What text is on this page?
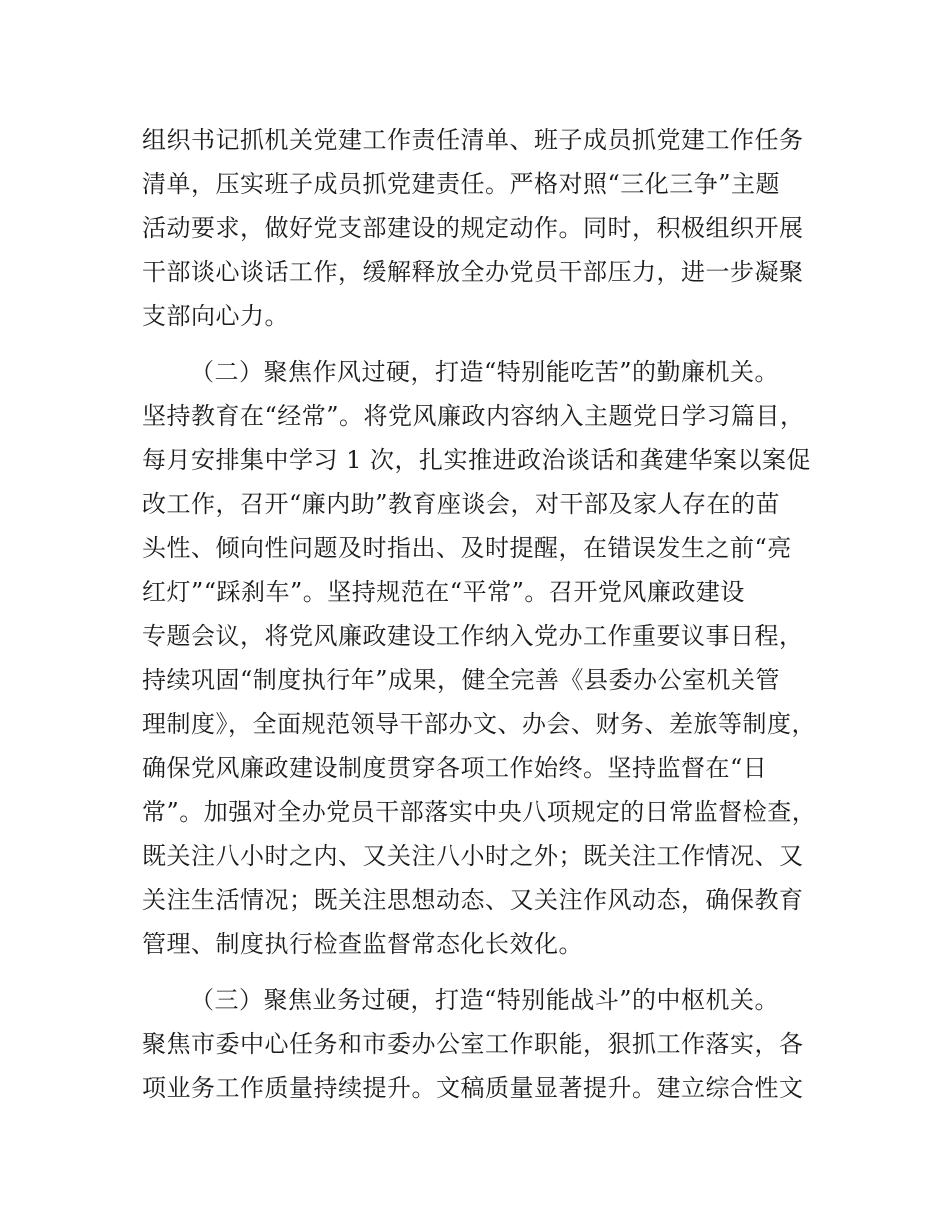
组织书记抓机关党建工作责任清单、班子成员抓党建工作任务
清单，压实班子成员抓党建责任。严格对照“三化三争”主题
活动要求，做好党支部建设的规定动作。同时，积极组织开展
干部谈心谈话工作，缓解释放全办党员干部压力，进一步凝聚
支部向心力。
（二）聚焦作风过硬，打造“特别能吃苦”的勤廉机关。
坚持教育在“经常”。将党风廉政内容纳入主题党日学习篇目，
每月安排集中学习 1 次，扎实推进政治谈话和龚建华案以案促
改工作，召开“廉内助”教育座谈会，对干部及家人存在的苗
头性、倾向性问题及时指出、及时提醒，在错误发生之前“亮
红灯”“踩刹车”。坚持规范在“平常”。召开党风廉政建设
专题会议，将党风廉政建设工作纳入党办工作重要议事日程，
持续巩固“制度执行年”成果，健全完善《县委办公室机关管
理制度》，全面规范领导干部办文、办会、财务、差旅等制度，
确保党风廉政建设制度贯穿各项工作始终。坚持监督在“日
常”。加强对全办党员干部落实中央八项规定的日常监督检查，
既关注八小时之内、又关注八小时之外；既关注工作情况、又
关注生活情况；既关注思想动态、又关注作风动态，确保教育
管理、制度执行检查监督常态化长效化。
（三）聚焦业务过硬，打造“特别能战斗”的中枢机关。
聚焦市委中心任务和市委办公室工作职能，狠抓工作落实，各
项业务工作质量持续提升。文稿质量显著提升。建立综合性文
